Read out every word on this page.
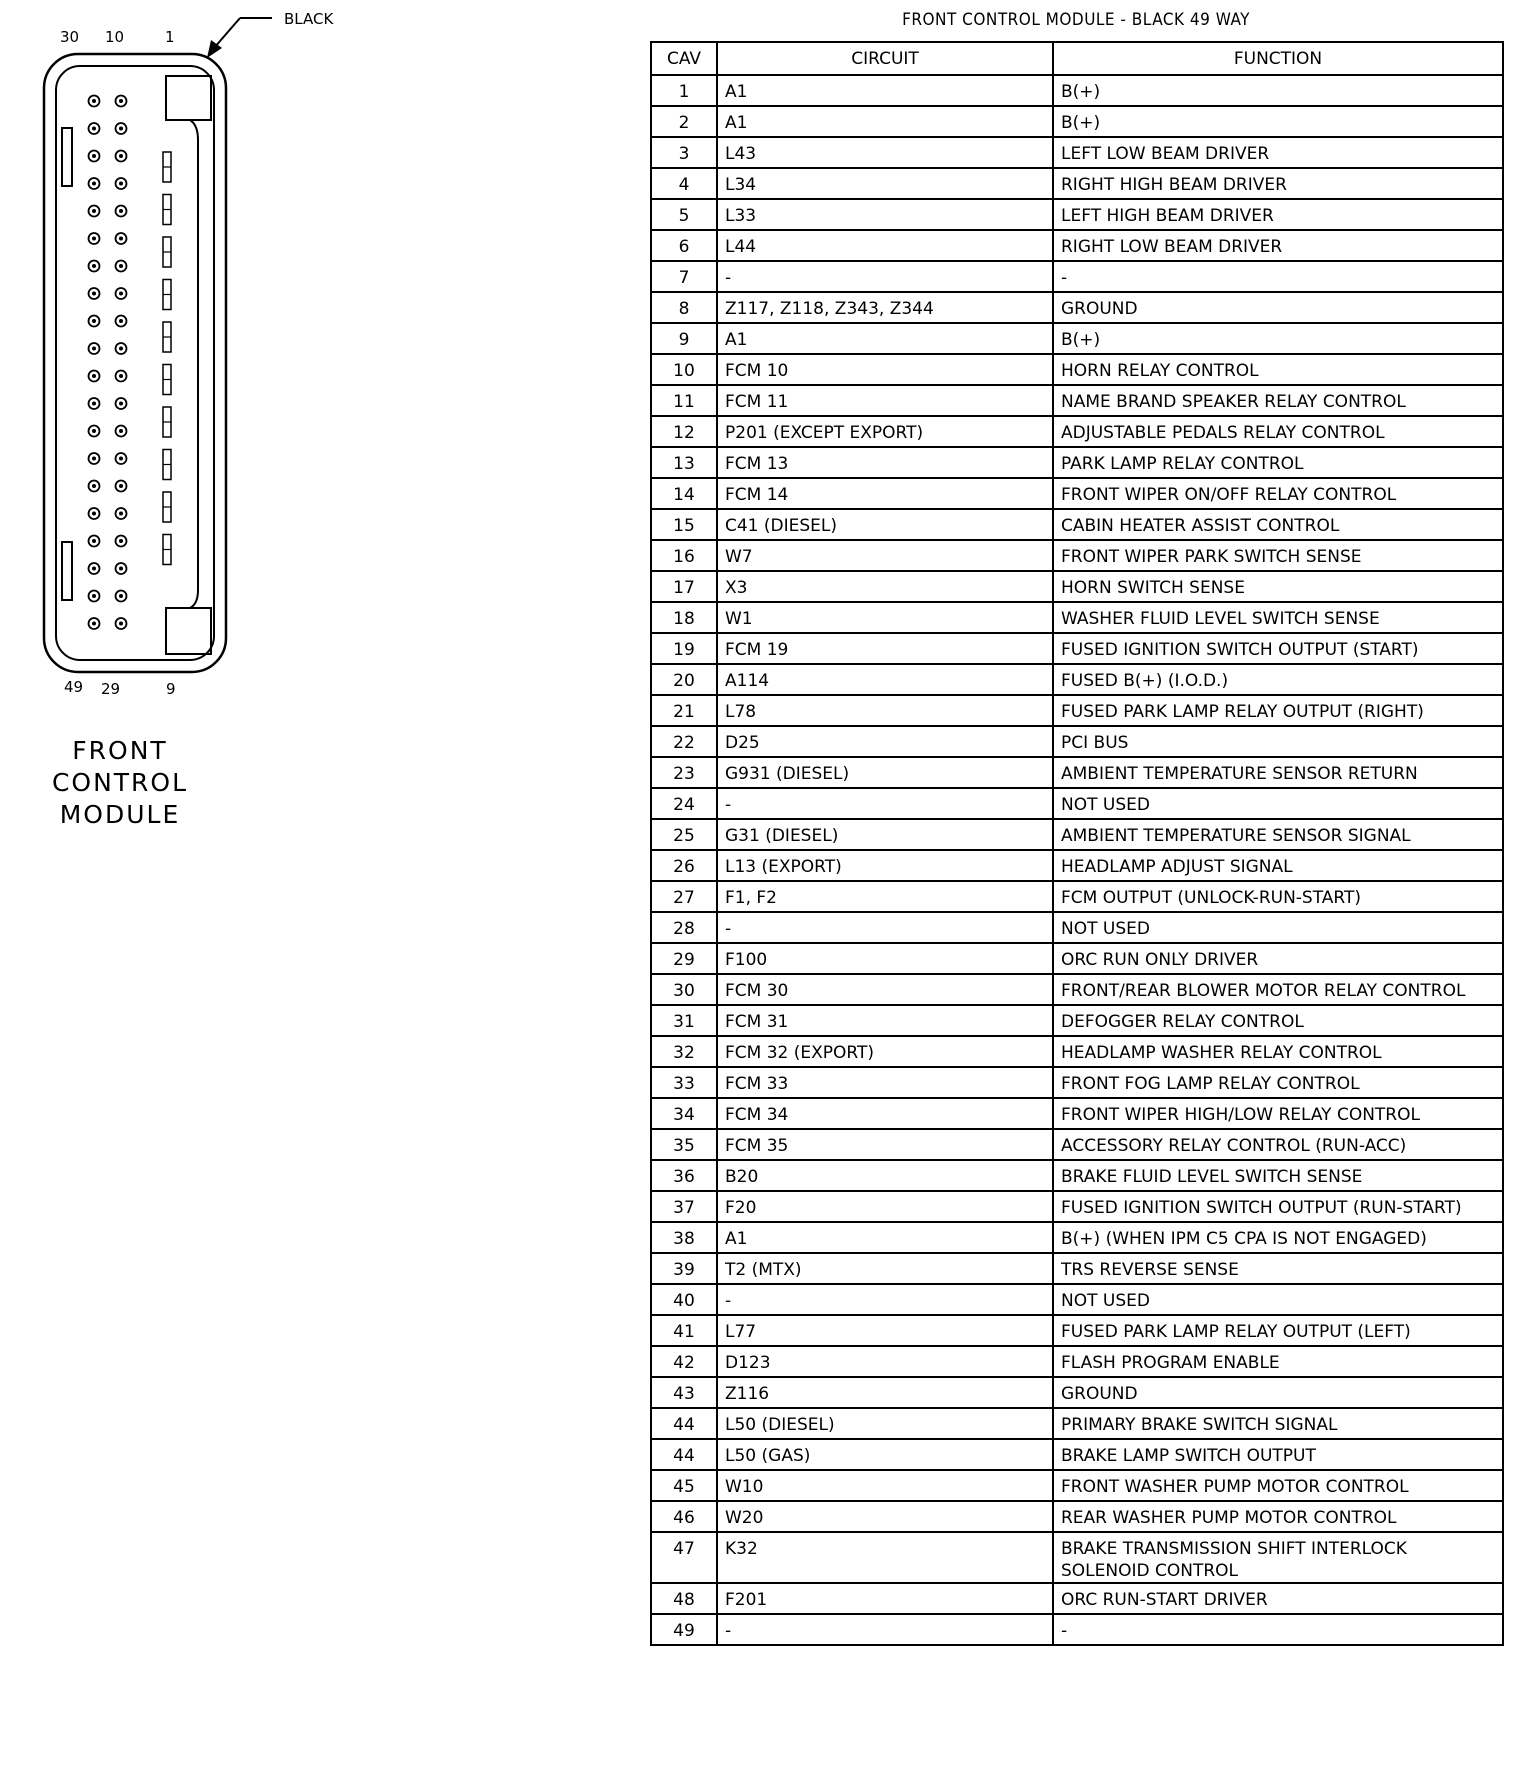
30 10	1
BLACK
49 29	9
FRONT
CONTROL
MODULE
FRONT CONTROL MODULE - BLACK 49 WAY
CAV	CIRCUIT	FUNCTION
1	A1	B(+)
2	A1	B(+)
3	L43	LEFT LOW BEAM DRIVER
4	L34	RIGHT HIGH BEAM DRIVER
5	L33	LEFT HIGH BEAM DRIVER
6	L44	RIGHT LOW BEAM DRIVER
7	-	-
8	Z117, Z118, Z343, Z344	GROUND
9	A1	B(+)
10	FCM 10	HORN RELAY CONTROL
11	FCM 11	NAME BRAND SPEAKER RELAY CONTROL
12	P201 (EXCEPT EXPORT)	ADJUSTABLE PEDALS RELAY CONTROL
13	FCM 13	PARK LAMP RELAY CONTROL
14	FCM 14	FRONT WIPER ON/OFF RELAY CONTROL
15	C41 (DIESEL)	CABIN HEATER ASSIST CONTROL
16	W7	FRONT WIPER PARK SWITCH SENSE
17	X3	HORN SWITCH SENSE
18	W1	WASHER FLUID LEVEL SWITCH SENSE
19	FCM 19	FUSED IGNITION SWITCH OUTPUT (START)
20	A114	FUSED B(+) (I.O.D.)
21	L78	FUSED PARK LAMP RELAY OUTPUT (RIGHT)
22	D25	PCI BUS
23	G931 (DIESEL)	AMBIENT TEMPERATURE SENSOR RETURN
24	-	NOT USED
25	G31 (DIESEL)	AMBIENT TEMPERATURE SENSOR SIGNAL
26	L13 (EXPORT)	HEADLAMP ADJUST SIGNAL
27	F1, F2	FCM OUTPUT (UNLOCK-RUN-START)
28	-	NOT USED
29	F100	ORC RUN ONLY DRIVER
30	FCM 30	FRONT/REAR BLOWER MOTOR RELAY CONTROL
31	FCM 31	DEFOGGER RELAY CONTROL
32	FCM 32 (EXPORT)	HEADLAMP WASHER RELAY CONTROL
33	FCM 33	FRONT FOG LAMP RELAY CONTROL
34	FCM 34	FRONT WIPER HIGH/LOW RELAY CONTROL
35	FCM 35	ACCESSORY RELAY CONTROL (RUN-ACC)
36	B20	BRAKE FLUID LEVEL SWITCH SENSE
37	F20	FUSED IGNITION SWITCH OUTPUT (RUN-START)
38	A1	B(+) (WHEN IPM C5 CPA IS NOT ENGAGED)
39	T2 (MTX)	TRS REVERSE SENSE
40	-	NOT USED
41	L77	FUSED PARK LAMP RELAY OUTPUT (LEFT)
42	D123	FLASH PROGRAM ENABLE
43	Z116	GROUND
44	L50 (DIESEL)	PRIMARY BRAKE SWITCH SIGNAL
44	L50 (GAS)	BRAKE LAMP SWITCH OUTPUT
45	W10	FRONT WASHER PUMP MOTOR CONTROL
46	W20	REAR WASHER PUMP MOTOR CONTROL
47	K32	BRAKE TRANSMISSION SHIFT INTERLOCK SOLENOID CONTROL
48	F201	ORC RUN-START DRIVER
49	-	-
